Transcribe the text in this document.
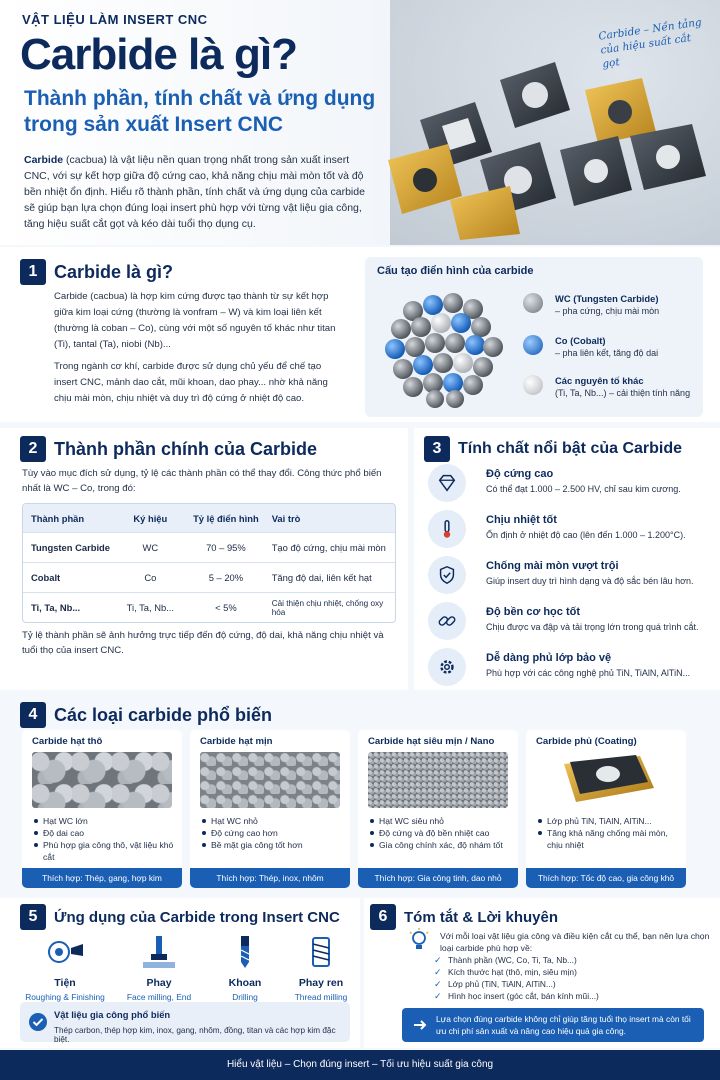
VẬT LIỆU LÀM INSERT CNC
Carbide là gì?
Thành phần, tính chất và ứng dụng trong sản xuất Insert CNC
Carbide (cacbua) là vật liệu nền quan trọng nhất trong sản xuất insert CNC, với sự kết hợp giữa độ cứng cao, khả năng chịu mài mòn tốt và độ bền nhiệt ổn định. Hiểu rõ thành phần, tính chất và ứng dụng của carbide sẽ giúp bạn lựa chọn đúng loại insert phù hợp với từng vật liệu gia công, tăng hiệu suất cắt gọt và kéo dài tuổi thọ dụng cụ.
Carbide – Nền tảng của hiệu suất cắt gọt
1 Carbide là gì?
Carbide (cacbua) là hợp kim cứng được tạo thành từ sự kết hợp giữa kim loại cứng (thường là vonfram – W) và kim loại liên kết (thường là coban – Co), cùng với một số nguyên tố khác như titan (Ti), tantal (Ta), niobi (Nb)...
Trong ngành cơ khí, carbide được sử dụng chủ yếu để chế tạo insert CNC, mảnh dao cắt, mũi khoan, dao phay... nhờ khả năng chịu mài mòn, chịu nhiệt và duy trì độ cứng ở nhiệt độ cao.
Cấu tạo điển hình của carbide
WC (Tungsten Carbide)
– pha cứng, chịu mài mòn
Co (Cobalt)
– pha liên kết, tăng độ dai
Các nguyên tố khác
(Ti, Ta, Nb...) – cải thiện tính năng
2 Thành phần chính của Carbide
Tùy vào mục đích sử dụng, tỷ lệ các thành phần có thể thay đổi. Công thức phổ biến nhất là WC – Co, trong đó:
Thành phần	Ký hiệu	Tỷ lệ điển hình	Vai trò
Tungsten Carbide	WC	70 – 95%	Tạo độ cứng, chịu mài mòn
Cobalt	Co	5 – 20%	Tăng độ dai, liên kết hạt
Ti, Ta, Nb...	Ti, Ta, Nb...	< 5%	Cải thiện chịu nhiệt, chống oxy hóa
Tỷ lệ thành phần sẽ ảnh hưởng trực tiếp đến độ cứng, độ dai, khả năng chịu nhiệt và tuổi thọ của insert CNC.
3 Tính chất nổi bật của Carbide
Độ cứng cao
Có thể đạt 1.000 – 2.500 HV, chỉ sau kim cương.
Chịu nhiệt tốt
Ổn định ở nhiệt độ cao (lên đến 1.000 – 1.200°C).
Chống mài mòn vượt trội
Giúp insert duy trì hình dạng và độ sắc bén lâu hơn.
Độ bền cơ học tốt
Chịu được va đập và tải trọng lớn trong quá trình cắt.
Dễ dàng phủ lớp bảo vệ
Phù hợp với các công nghệ phủ TiN, TiAlN, AlTiN...
4 Các loại carbide phổ biến
Carbide hạt thô
Hạt WC lớn
Độ dai cao
Phù hợp gia công thô, vật liệu khó cắt
Thích hợp: Thép, gang, hợp kim
Carbide hạt mịn
Hạt WC nhỏ
Độ cứng cao hơn
Bề mặt gia công tốt hơn
Thích hợp: Thép, inox, nhôm
Carbide hạt siêu mịn / Nano
Hạt WC siêu nhỏ
Độ cứng và độ bền nhiệt cao
Gia công chính xác, độ nhám tốt
Thích hợp: Gia công tinh, dao nhỏ
Carbide phủ (Coating)
Lớp phủ TiN, TiAlN, AlTiN...
Tăng khả năng chống mài mòn, chịu nhiệt
Thích hợp: Tốc độ cao, gia công khô
5 Ứng dụng của Carbide trong Insert CNC
Tiện
Roughing & Finishing
Phay
Face milling, End
Khoan
Drilling
Phay ren
Thread milling
Vật liệu gia công phổ biến
Thép carbon, thép hợp kim, inox, gang, nhôm, đồng, titan và các hợp kim đặc biệt.
6 Tóm tắt & Lời khuyên
Với mỗi loại vật liệu gia công và điều kiện cắt cụ thể, bạn nên lựa chọn loại carbide phù hợp về:
✓ Thành phần (WC, Co, Ti, Ta, Nb...)
✓ Kích thước hạt (thô, mịn, siêu mịn)
✓ Lớp phủ (TiN, TiAlN, AlTiN...)
✓ Hình học insert (góc cắt, bán kính mũi...)
Lựa chọn đúng carbide không chỉ giúp tăng tuổi thọ insert mà còn tối ưu chi phí sản xuất và nâng cao hiệu quả gia công.
Hiểu vật liệu – Chọn đúng insert – Tối ưu hiệu suất gia công
